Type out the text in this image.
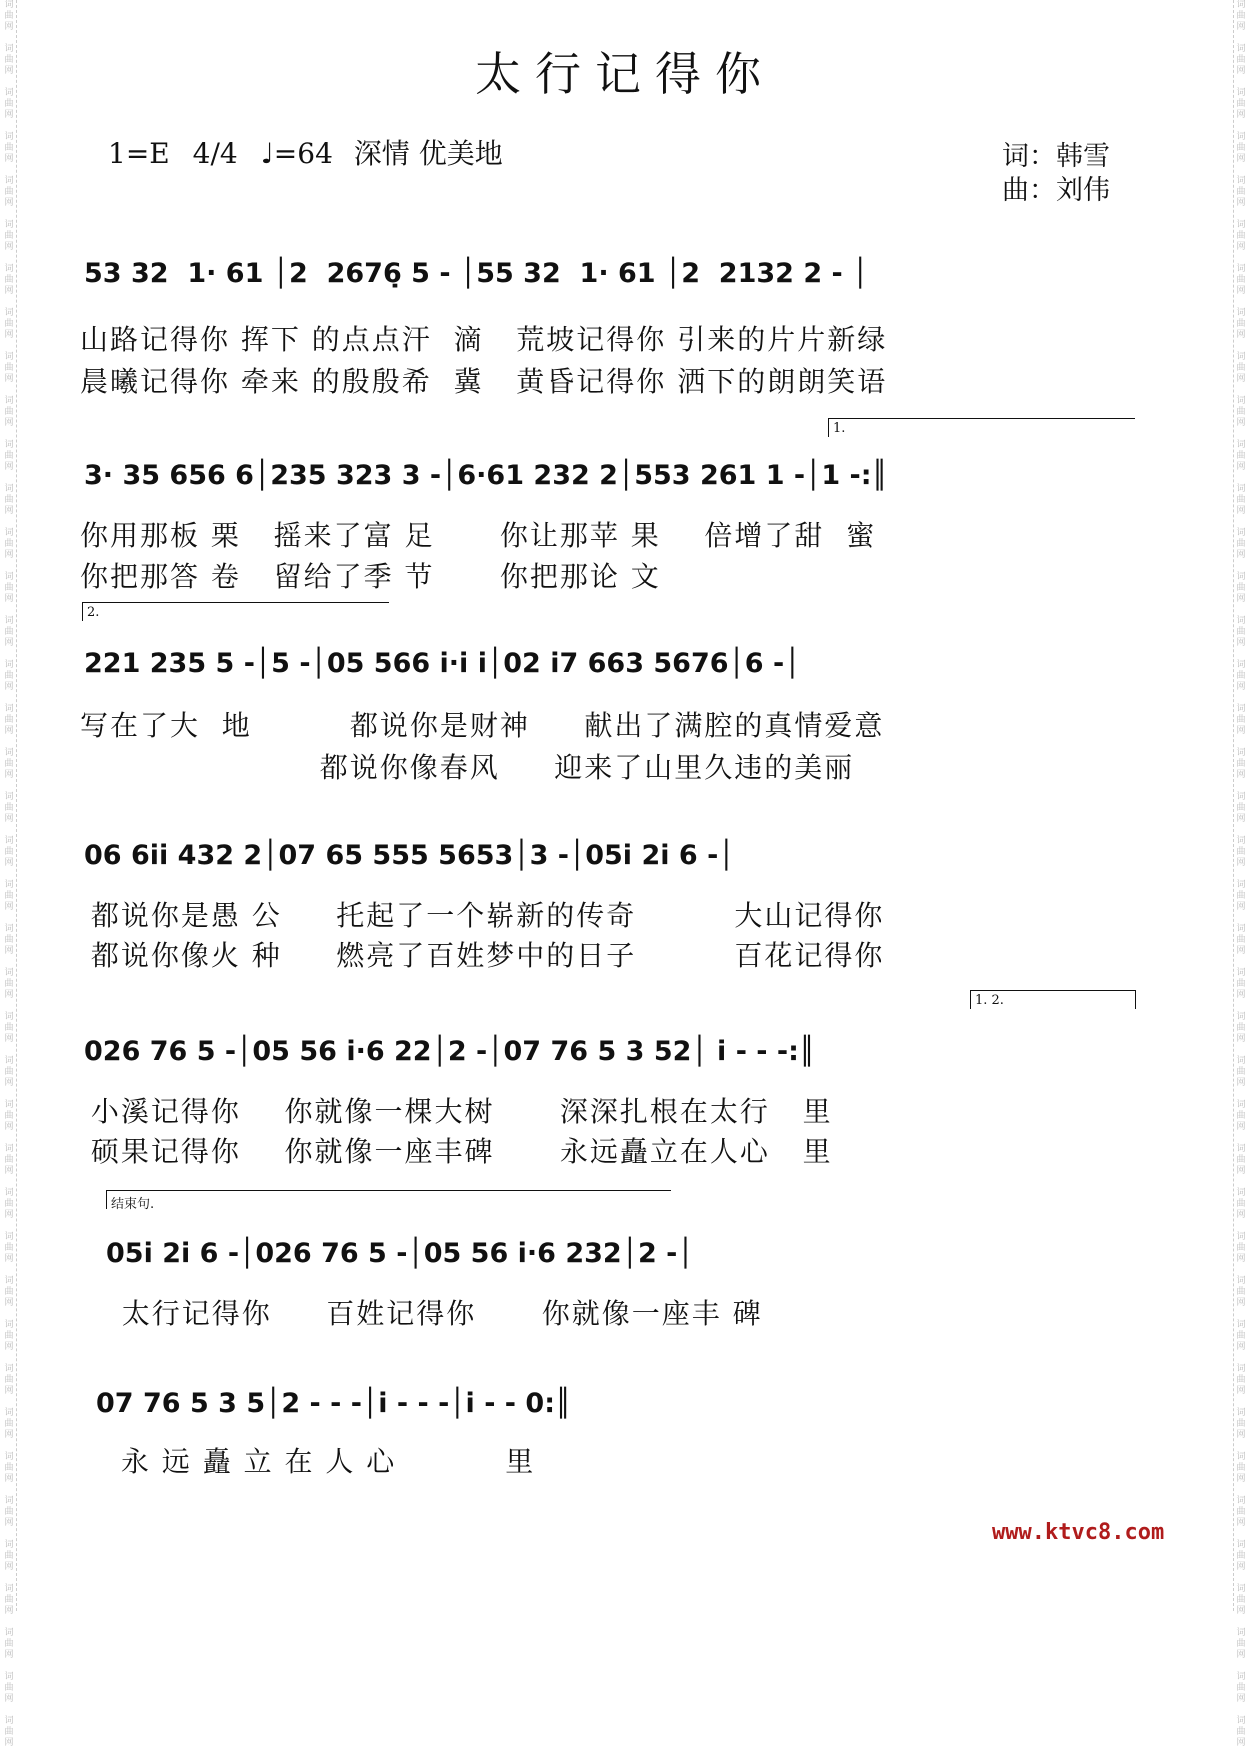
词
曲
网

词
曲
网

词
曲
网

词
曲
网

词
曲
网

词
曲
网

词
曲
网

词
曲
网

词
曲
网

词
曲
网

词
曲
网

词
曲
网

词
曲
网

词
曲
网

词
曲
网

词
曲
网

词
曲
网

词
曲
网

词
曲
网

词
曲
网

词
曲
网

词
曲
网

词
曲
网

词
曲
网

词
曲
网

词
曲
网

词
曲
网

词
曲
网

词
曲
网

词
曲
网

词
曲
网

词
曲
网

词
曲
网

词
曲
网

词
曲
网

词
曲
网

词
曲
网

词
曲
网

词
曲
网

词
曲
网

词
曲
网

词
曲
网

词
曲
网

词
曲
网

词
曲
网

词
曲
网

词
曲
网

词
曲
网

词
曲
网

词
曲
网

词
曲
网

词
曲
网

词
曲
网

词
曲
网

词
曲
网

词
曲
网

词
曲
网

词
曲
网

词
曲
网

词
曲
网

词
曲
网

词
曲
网

词
曲
网

词
曲
网

词
曲
网

词
曲
网

词
曲
网

词
曲
网

词
曲
网

词
曲
网

词
曲
网

词
曲
网

词
曲
网

词
曲
网

词
曲
网

词
曲
网

词
曲
网

词
曲
网

词
曲
网

词
曲
网

太行记得你
1=E 4/4 ♩=64 深情 优美地	词：韩雪
曲：刘伟
53 32  1· 61 │2  2676̣ 5 - │55 32  1· 61 │2  2132 2 - │
山路记得你 挥下 的点点汗  滴   荒坡记得你 引来的片片新绿
晨曦记得你 牵来 的殷殷希  冀   黄昏记得你 洒下的朗朗笑语
1.
3· 35 656 6│235 323 3 -│6·61 232 2│553 261 1 -│1 -:║
你用那板 栗   摇来了富 足      你让那苹 果    倍增了甜  蜜
你把那答 卷   留给了季 节      你把那论 文
2.
221 235 5 -│5 -│05 566 i·i i│02 i7 663 5676│6 -│
写在了大  地         都说你是财神     献出了满腔的真情爱意
都说你像春风     迎来了山里久违的美丽
06 6ii 432 2│07 65 555 5653│3 -│05i 2i 6 -│
都说你是愚 公     托起了一个崭新的传奇         大山记得你
都说你像火 种     燃亮了百姓梦中的日子         百花记得你
1. 2.
026 76 5 -│05 56 i·6 22│2 -│07 76 5 3 52│ i - - -:║
小溪记得你    你就像一棵大树      深深扎根在太行   里
硕果记得你    你就像一座丰碑      永远矗立在人心   里
结束句.
05i 2i 6 -│026 76 5 -│05 56 i·6 232│2 -│
太行记得你     百姓记得你      你就像一座丰 碑
07 76 5 3 5│2 - - -│i - - -│i - - 0:║
永 远 矗 立 在 人 心          里
www.ktvc8.com
